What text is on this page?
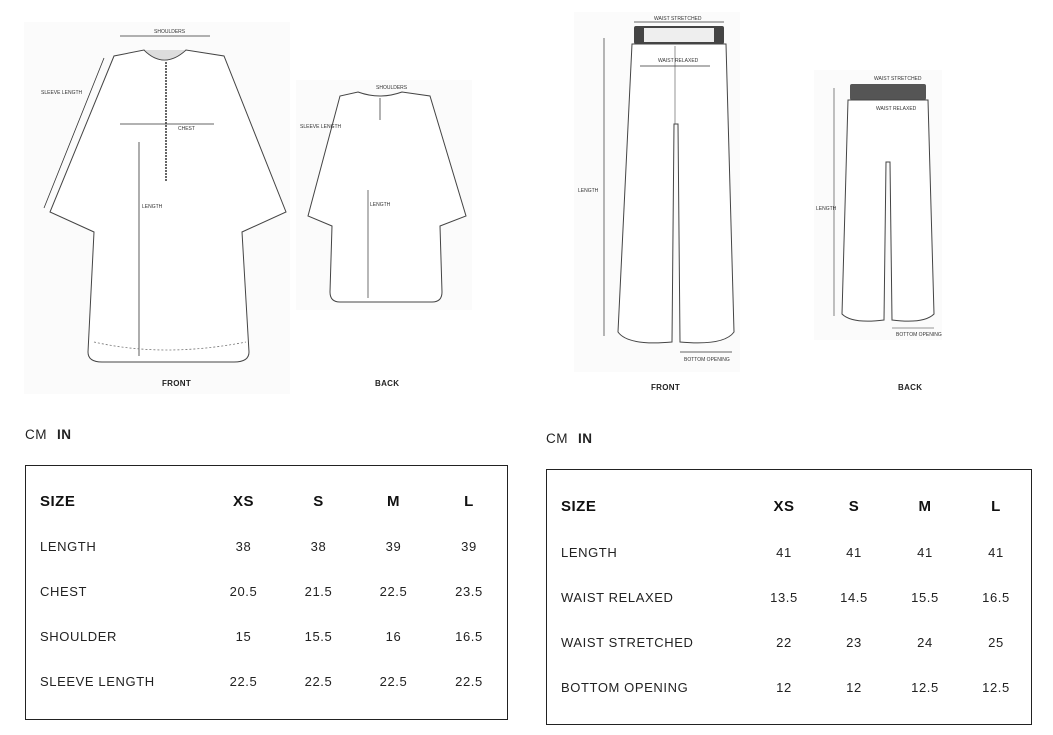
SHOULDERS
SLEEVE LENGTH
CHEST
LENGTH
FRONT
SHOULDERS
SLEEVE LENGTH
LENGTH
BACK
CM IN
SIZE	XS	S	M	L
LENGTH	38	38	39	39
CHEST	20.5	21.5	22.5	23.5
SHOULDER	15	15.5	16	16.5
SLEEVE LENGTH	22.5	22.5	22.5	22.5
WAIST STRETCHED
WAIST RELAXED
LENGTH
BOTTOM OPENING
FRONT
WAIST STRETCHED
WAIST RELAXED
LENGTH
BOTTOM OPENING
BACK
CM IN
SIZE	XS	S	M	L
LENGTH	41	41	41	41
WAIST RELAXED	13.5	14.5	15.5	16.5
WAIST STRETCHED	22	23	24	25
BOTTOM OPENING	12	12	12.5	12.5
